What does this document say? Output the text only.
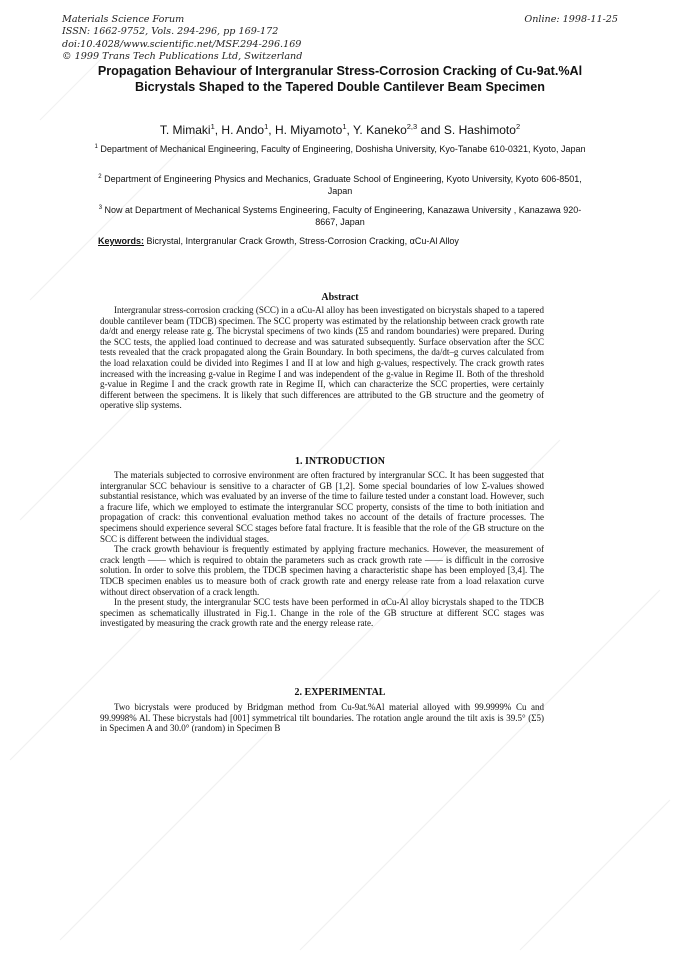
Materials Science Forum
ISSN: 1662-9752, Vols. 294-296, pp 169-172
doi:10.4028/www.scientific.net/MSF.294-296.169
© 1999 Trans Tech Publications Ltd, Switzerland
Online: 1998-11-25
Propagation Behaviour of Intergranular Stress-Corrosion Cracking of Cu-9at.%Al Bicrystals Shaped to the Tapered Double Cantilever Beam Specimen
T. Mimaki$^1$, H. Ando$^1$, H. Miyamoto$^1$, Y. Kaneko$^{2,3}$ and S. Hashimoto$^2$
$^1$ Department of Mechanical Engineering, Faculty of Engineering, Doshisha University, Kyo-Tanabe 610-0321, Kyoto, Japan
$^2$ Department of Engineering Physics and Mechanics, Graduate School of Engineering, Kyoto University, Kyoto 606-8501, Japan
$^3$ Now at Department of Mechanical Systems Engineering, Faculty of Engineering, Kanazawa University , Kanazawa 920-8667, Japan
Keywords: Bicrystal, Intergranular Crack Growth, Stress-Corrosion Cracking, αCu-Al Alloy
Abstract

Intergranular stress-corrosion cracking (SCC) in a αCu-Al alloy has been investigated on bicrystals shaped to a tapered double cantilever beam (TDCB) specimen. The SCC property was estimated by the relationship between crack growth rate da/dt and energy release rate g. The bicrystal specimens of two kinds (Σ5 and random boundaries) were prepared. During the SCC tests, the applied load continued to decrease and was saturated subsequently. Surface observation after the SCC tests revealed that the crack propagated along the Grain Boundary. In both specimens, the da/dt–g curves calculated from the load relaxation could be divided into Regimes I and II at low and high g-values, respectively. The crack growth rates increased with the increasing g-value in Regime I and was independent of the g-value in Regime II. Both of the threshold g-value in Regime I and the crack growth rate in Regime II, which can characterize the SCC properties, were certainly different between the specimens. It is likely that such differences are attributed to the GB structure and the geometry of operative slip systems.

1. INTRODUCTION

The materials subjected to corrosive environment are often fractured by intergranular SCC. It has been suggested that intergranular SCC behaviour is sensitive to a character of GB [1,2]. Some special boundaries of low Σ-values showed substantial resistance, which was evaluated by an inverse of the time to failure tested under a constant load. However, such a fracure life, which we employed to estimate the intergranular SCC property, consists of the time to both initiation and propagation of crack: this conventional evaluation method takes no account of the details of fracture processes. The specimens should experience several SCC stages before fatal fracture. It is feasible that the role of the GB structure on the SCC is different between the individual stages.

The crack growth behaviour is frequently estimated by applying fracture mechanics. However, the measurement of crack length —— which is required to obtain the parameters such as crack growth rate —— is difficult in the corrosive solution. In order to solve this problem, the TDCB specimen having a characteristic shape has been employed [3,4]. The TDCB specimen enables us to measure both of crack growth rate and energy release rate from a load relaxation curve without direct observation of a crack length.

In the present study, the intergranular SCC tests have been performed in αCu-Al alloy bicrystals shaped to the TDCB specimen as schematically illustrated in Fig.1. Change in the role of the GB structure at different SCC stages was investigated by measuring the crack growth rate and the energy release rate.

2. EXPERIMENTAL

Two bicrystals were produced by Bridgman method from Cu-9at.%Al material alloyed with 99.9999% Cu and 99.9998% Al. These bicrystals had [001] symmetrical tilt boundaries. The rotation angle around the tilt axis is 39.5° (Σ5) in Specimen A and 30.0° (random) in Specimen B
